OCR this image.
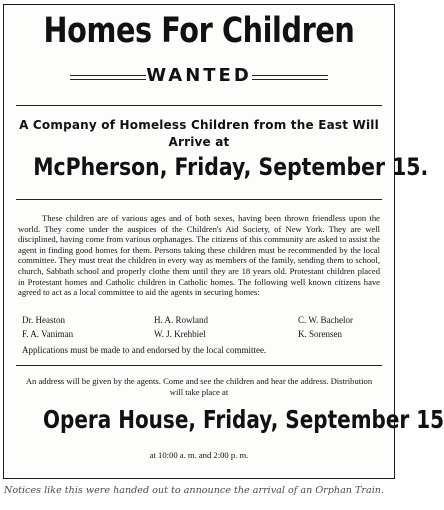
Homes For Children
WANTED
A Company of Homeless Children from the East Will
Arrive at
McPherson, Friday, September 15.
These children are of various ages and of both sexes, having been thrown friendless upon the world. They come under the auspices of the Children's Aid Society, of New York. They are well disciplined, having come from various orphanages. The citizens of this community are asked to assist the agent in finding good homes for them. Persons taking these children must be recommended by the local committee. They must treat the children in every way as members of the family, sending them to school, church, Sabbath school and properly clothe them until they are 18 years old. Protestant children placed in Protestant homes and Catholic children in Catholic homes. The following well known citizens have agreed to act as a local committee to aid the agents in securing homes:
Dr. Heaston	H. A. Rowland	C. W. Bachelor
F. A. Vaniman	W. J. Krehbiel	K. Sorensen
Applications must be made to and endorsed by the local committee.
An address will be given by the agents. Come and see the children and hear the address. Distribution will take place at
Opera House, Friday, September 15
at 10:00 a. m. and 2:00 p. m.
Notices like this were handed out to announce the arrival of an Orphan Train.
